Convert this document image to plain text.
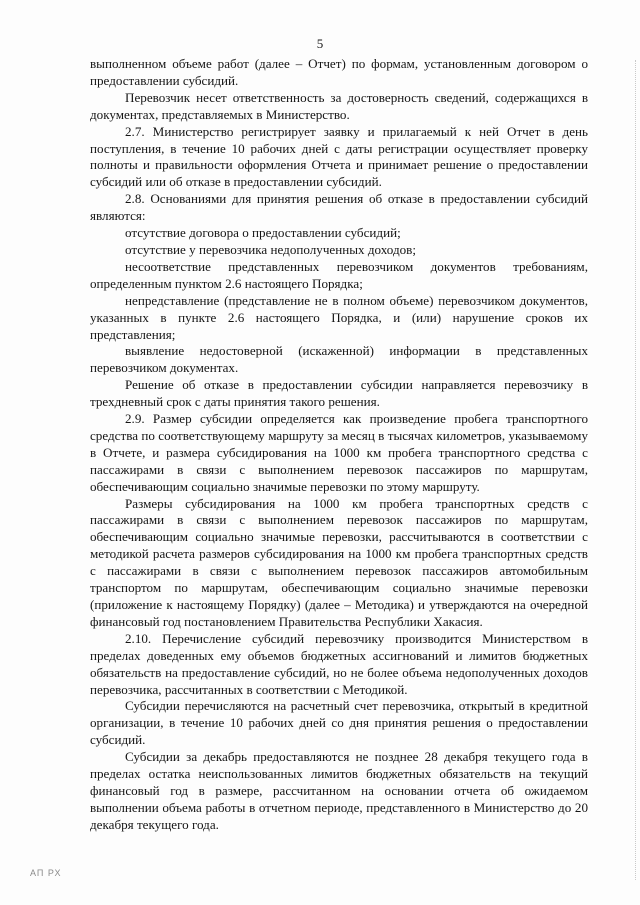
5

выполненном объеме работ (далее – Отчет) по формам, установленным договором о предоставлении субсидий.

Перевозчик несет ответственность за достоверность сведений, содержащихся в документах, представляемых в Министерство.

2.7. Министерство регистрирует заявку и прилагаемый к ней Отчет в день поступления, в течение 10 рабочих дней с даты регистрации осуществляет проверку полноты и правильности оформления Отчета и принимает решение о предоставлении субсидий или об отказе в предоставлении субсидий.

2.8. Основаниями для принятия решения об отказе в предоставлении субсидий являются:

отсутствие договора о предоставлении субсидий;

отсутствие у перевозчика недополученных доходов;

несоответствие представленных перевозчиком документов требованиям, определенным пунктом 2.6 настоящего Порядка;

непредставление (представление не в полном объеме) перевозчиком документов, указанных в пункте 2.6 настоящего Порядка, и (или) нарушение сроков их представления;

выявление недостоверной (искаженной) информации в представленных перевозчиком документах.

Решение об отказе в предоставлении субсидии направляется перевозчику в трехдневный срок с даты принятия такого решения.

2.9. Размер субсидии определяется как произведение пробега транспортного средства по соответствующему маршруту за месяц в тысячах километров, указываемому в Отчете, и размера субсидирования на 1000 км пробега транспортного средства с пассажирами в связи с выполнением перевозок пассажиров по маршрутам, обеспечивающим социально значимые перевозки по этому маршруту.

Размеры субсидирования на 1000 км пробега транспортных средств с пассажирами в связи с выполнением перевозок пассажиров по маршрутам, обеспечивающим социально значимые перевозки, рассчитываются в соответствии с методикой расчета размеров субсидирования на 1000 км пробега транспортных средств с пассажирами в связи с выполнением перевозок пассажиров автомобильным транспортом по маршрутам, обеспечивающим социально значимые перевозки (приложение к настоящему Порядку) (далее – Методика) и утверждаются на очередной финансовый год постановлением Правительства Республики Хакасия.

2.10. Перечисление субсидий перевозчику производится Министерством в пределах доведенных ему объемов бюджетных ассигнований и лимитов бюджетных обязательств на предоставление субсидий, но не более объема недополученных доходов перевозчика, рассчитанных в соответствии с Методикой.

Субсидии перечисляются на расчетный счет перевозчика, открытый в кредитной организации, в течение 10 рабочих дней со дня принятия решения о предоставлении субсидий.

Субсидии за декабрь предоставляются не позднее 28 декабря текущего года в пределах остатка неиспользованных лимитов бюджетных обязательств на текущий финансовый год в размере, рассчитанном на основании отчета об ожидаемом выполнении объема работы в отчетном периоде, представленного в Министерство до 20 декабря текущего года.

АП РХ
